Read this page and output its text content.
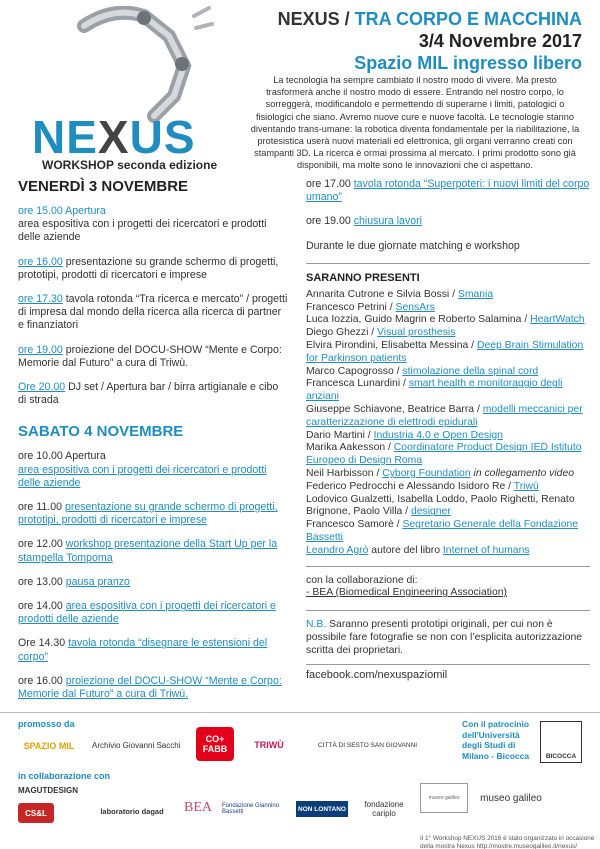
NEXUS
WORKSHOP seconda edizione
NEXUS / TRA CORPO E MACCHINA
3/4 Novembre 2017
Spazio MIL ingresso libero
La tecnologia ha sempre cambiato il nostro modo di vivere. Ma presto trasformerà anche il nostro modo di essere. Entrando nel nostro corpo, lo sorreggerà, modificandolo e permettendo di superarne i limiti, patologici o fisiologici che siano. Avremo nuove cure e nuove facoltà. Le tecnologie stanno diventando trans-umane: la robotica diventa fondamentale per la riabilitazione, la protesistica userà nuovi materiali ed elettronica, gli organi verranno creati con stampanti 3D. La ricerca è ormai prossima al mercato. I primi prodotto sono già disponibili, ma molte sono le innovazioni che ci aspettano.
VENERDÌ 3 NOVEMBRE
ore 15.00 Apertura
area espositiva con i progetti dei ricercatori e prodotti delle aziende
ore 16.00 presentazione su grande schermo di progetti, prototipi, prodotti di ricercatori e imprese
ore 17.30 tavola rotonda “Tra ricerca e mercato” / progetti di impresa dal mondo della ricerca alla ricerca di partner e finanziatori
ore 19.00 proiezione del DOCU-SHOW “Mente e Corpo: Memorie dal Futuro” a cura di Triwù.
Ore 20.00 DJ set / Apertura bar / birra artigianale e cibo di strada
SABATO 4 NOVEMBRE
ore 10.00 Apertura
area espositiva con i progetti dei ricercatori e prodotti delle aziende
ore 11.00 presentazione su grande schermo di progetti, prototipi, prodotti di ricercatori e imprese
ore 12.00 workshop presentazione della Start Up per la stampella Tompoma
ore 13.00 pausa pranzo
ore 14.00 area espositiva con i progetti dei ricercatori e prodotti delle aziende
Ore 14.30 tavola rotonda “disegnare le estensioni del corpo”
ore 16.00 proiezione del DOCU-SHOW “Mente e Corpo: Memorie dal Futuro” a cura di Triwù.
ore 17.00 tavola rotonda “Superpoteri: i nuovi limiti del corpo umano”
ore 19.00 chiusura lavori
Durante le due giornate matching e workshop
SARANNO PRESENTI
Annarita Cutrone e Silvia Bossi / Smania
Francesco Petrini / SensArs
Luca Iozzia, Guido Magrin e Roberto Salamina / HeartWatch
Diego Ghezzi / Visual prosthesis
Elvira Pirondini, Elisabetta Messina / Deep Brain Stimulation for Parkinson patients
Marco Capogrosso / stimolazione della spinal cord
Francesca Lunardini / smart health e monitoraggio degli anziani
Giuseppe Schiavone, Beatrice Barra / modelli meccanici per caratterizzazione di elettrodi epidurali
Dario Martini / Industria 4.0 e Open Design
Marika Aakesson / Coordinatore Product Design IED Istituto Europeo di Design Roma
Neil Harbisson / Cyborg Foundation in collegamento video
Federico Pedrocchi e Alessando Isidoro Re / Triwù
Lodovico Gualzetti, Isabella Loddo, Paolo Righetti, Renato Brignone, Paolo Villa / designer
Francesco Samorè / Segretario Generale della Fondazione Bassetti
Leandro Agrò autore del libro Internet of humans
con la collaborazione di:
- BEA (Biomedical Engineering Association)
N.B. Saranno presenti prototipi originali, per cui non è possibile fare fotografie se non con l’esplicita autorizzazione scritta dei proprietari.
facebook.com/nexuspaziomil
promosso da
SPAZIO MIL	Archivio Giovanni Sacchi
CO+ FABB	TRIWÙ	CITTÀ DI SESTO SAN GIOVANNI
Con il patrocinio
dell'Università
degli Studi di
Milano - Bicocca	BICOCCA
in collaborazione con
MAGUTDESIGN
CS&L	laboratorio dagad	BEA	Fondazione Giannino Bassetti	NON LONTANO	fondazione cariplo
museo galileo
museo galileo
Il 1° Workshop NEXUS 2016 è stato organizzato in occasione della mostra Nexus http://mostre.museogalileo.it/nexus/
